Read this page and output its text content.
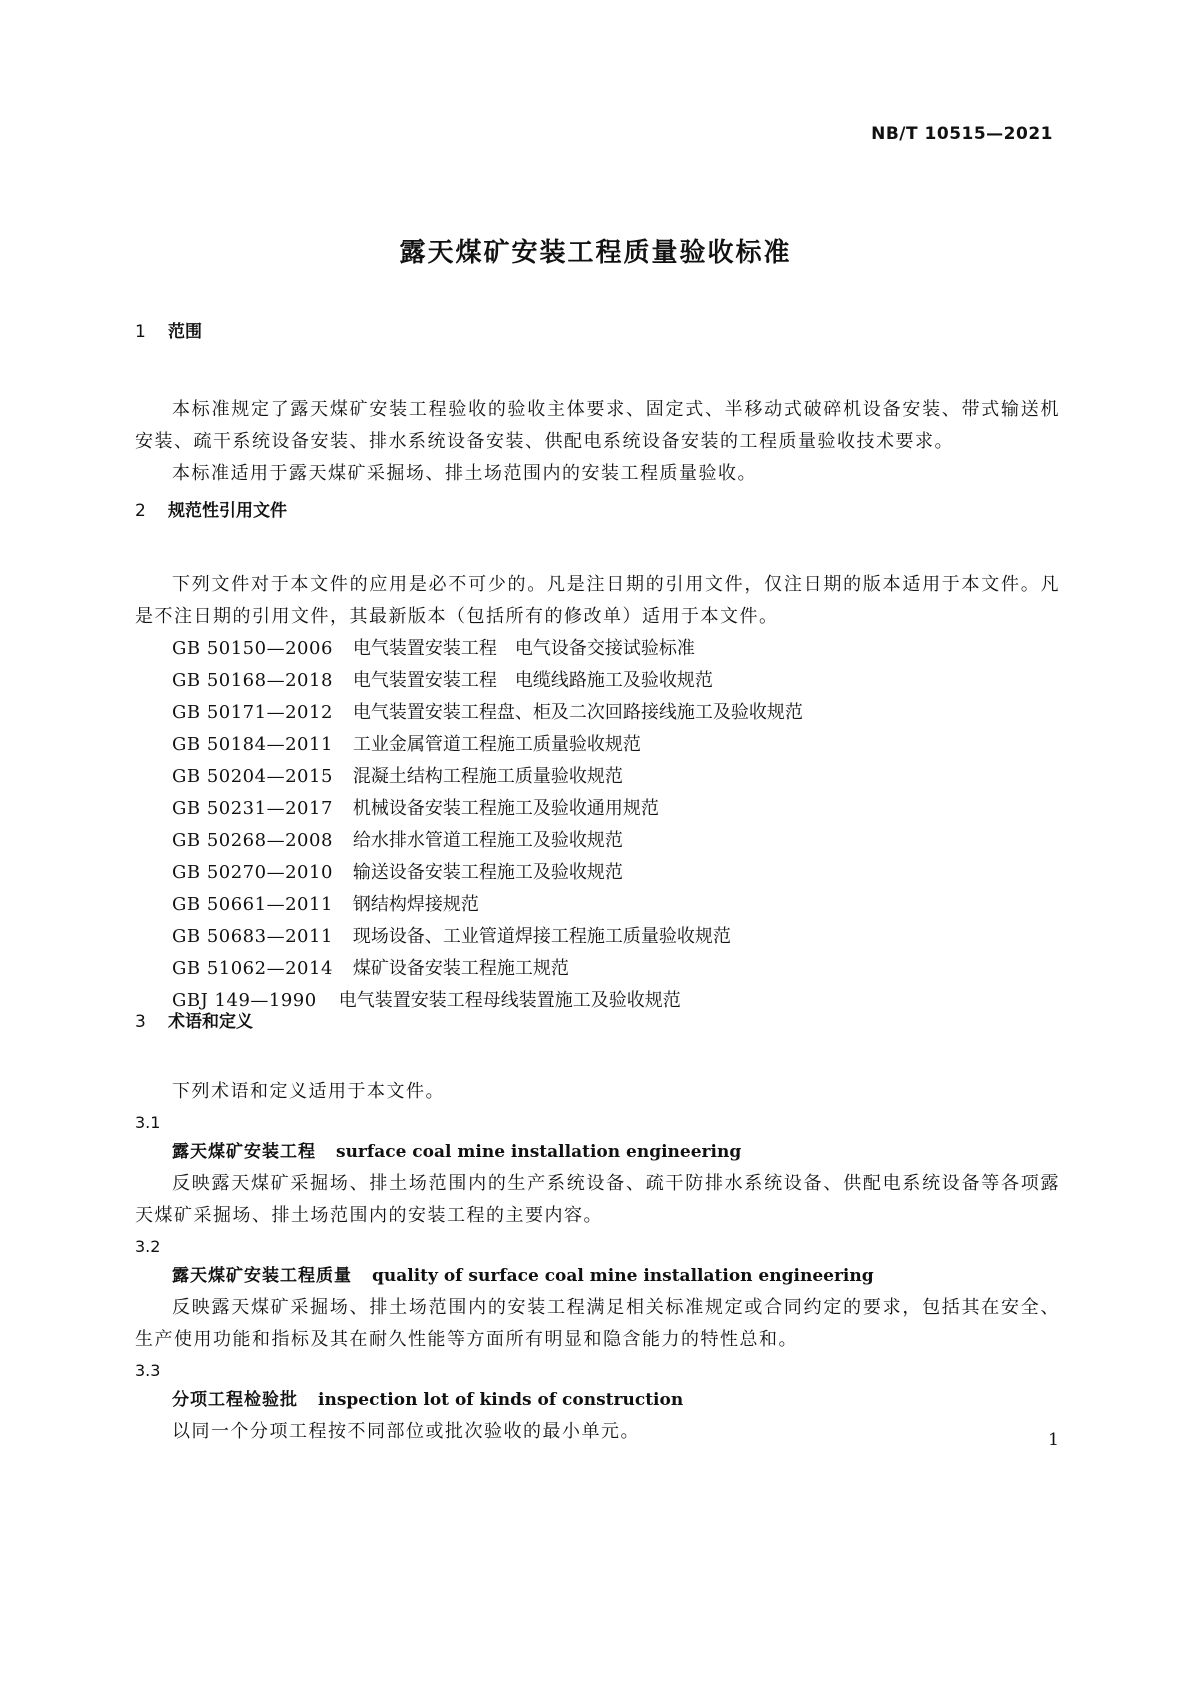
NB/T 10515—2021
露天煤矿安装工程质量验收标准
1 范围

本标准规定了露天煤矿安装工程验收的验收主体要求、固定式、半移动式破碎机设备安装、带式输送机安装、疏干系统设备安装、排水系统设备安装、供配电系统设备安装的工程质量验收技术要求。

本标准适用于露天煤矿采掘场、排土场范围内的安装工程质量验收。

2 规范性引用文件

下列文件对于本文件的应用是必不可少的。凡是注日期的引用文件，仅注日期的版本适用于本文件。凡是不注日期的引用文件，其最新版本（包括所有的修改单）适用于本文件。

GB 50150—2006 电气装置安装工程　电气设备交接试验标准
GB 50168—2018 电气装置安装工程　电缆线路施工及验收规范
GB 50171—2012 电气装置安装工程盘、柜及二次回路接线施工及验收规范
GB 50184—2011 工业金属管道工程施工质量验收规范
GB 50204—2015 混凝土结构工程施工质量验收规范
GB 50231—2017 机械设备安装工程施工及验收通用规范
GB 50268—2008 给水排水管道工程施工及验收规范
GB 50270—2010 输送设备安装工程施工及验收规范
GB 50661—2011 钢结构焊接规范
GB 50683—2011 现场设备、工业管道焊接工程施工质量验收规范
GB 51062—2014 煤矿设备安装工程施工规范
GBJ 149—1990 电气装置安装工程母线装置施工及验收规范
3 术语和定义

下列术语和定义适用于本文件。

3.1
露天煤矿安装工程 surface coal mine installation engineering

反映露天煤矿采掘场、排土场范围内的生产系统设备、疏干防排水系统设备、供配电系统设备等各项露天煤矿采掘场、排土场范围内的安装工程的主要内容。

3.2
露天煤矿安装工程质量 quality of surface coal mine installation engineering

反映露天煤矿采掘场、排土场范围内的安装工程满足相关标准规定或合同约定的要求，包括其在安全、生产使用功能和指标及其在耐久性能等方面所有明显和隐含能力的特性总和。

3.3
分项工程检验批 inspection lot of kinds of construction

以同一个分项工程按不同部位或批次验收的最小单元。	1
